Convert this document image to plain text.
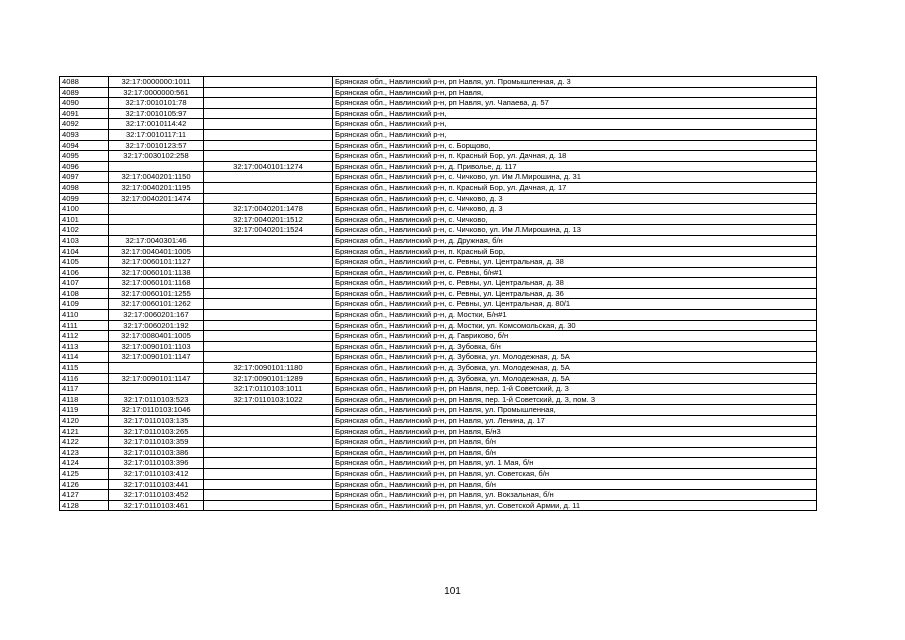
4088	32:17:0000000:1011		Брянская обл., Навлинский р-н, рп Навля, ул. Промышленная, д. 3
4089	32:17:0000000:561		Брянская обл., Навлинский р-н, рп Навля,
4090	32:17:0010101:78		Брянская обл., Навлинский р-н, рп Навля, ул. Чапаева, д. 57
4091	32:17:0010105:97		Брянская обл., Навлинский р-н,
4092	32:17:0010114:42		Брянская обл., Навлинский р-н,
4093	32:17:0010117:11		Брянская обл., Навлинский р-н,
4094	32:17:0010123:57		Брянская обл., Навлинский р-н, с. Борщово,
4095	32:17:0030102:258		Брянская обл., Навлинский р-н, п. Красный Бор, ул. Дачная, д. 18
4096		32:17:0040101:1274	Брянская обл., Навлинский р-н, д. Приволье, д. 117
4097	32:17:0040201:1150		Брянская обл., Навлинский р-н, с. Чичково, ул. Им Л.Мирошина, д. 31
4098	32:17:0040201:1195		Брянская обл., Навлинский р-н, п. Красный Бор, ул. Дачная, д. 17
4099	32:17:0040201:1474		Брянская обл., Навлинский р-н, с. Чичково, д. 3
4100		32:17:0040201:1478	Брянская обл., Навлинский р-н, с. Чичково, д. 3
4101		32:17:0040201:1512	Брянская обл., Навлинский р-н, с. Чичково,
4102		32:17:0040201:1524	Брянская обл., Навлинский р-н, с. Чичково, ул. Им Л.Мирошина, д. 13
4103	32:17:0040301:46		Брянская обл., Навлинский р-н, д. Дружная, б/н
4104	32:17:0040401:1005		Брянская обл., Навлинский р-н, п. Красный Бор,
4105	32:17:0060101:1127		Брянская обл., Навлинский р-н, с. Ревны, ул. Центральная, д. 38
4106	32:17:0060101:1138		Брянская обл., Навлинский р-н, с. Ревны, б/н#1
4107	32:17:0060101:1168		Брянская обл., Навлинский р-н, с. Ревны, ул. Центральная, д. 38
4108	32:17:0060101:1255		Брянская обл., Навлинский р-н, с. Ревны, ул. Центральная, д. 36
4109	32:17:0060101:1262		Брянская обл., Навлинский р-н, с. Ревны, ул. Центральная, д. 80/1
4110	32:17:0060201:167		Брянская обл., Навлинский р-н, д. Мостки, Б/н#1
4111	32:17:0060201:192		Брянская обл., Навлинский р-н, д. Мостки, ул. Комсомольская, д. 30
4112	32:17:0080401:1005		Брянская обл., Навлинский р-н, д. Гавриково, б/н
4113	32:17:0090101:1103		Брянская обл., Навлинский р-н, д. Зубовка, б/н
4114	32:17:0090101:1147		Брянская обл., Навлинский р-н, д. Зубовка, ул. Молодежная, д. 5А
4115		32:17:0090101:1180	Брянская обл., Навлинский р-н, д. Зубовка, ул. Молодежная, д. 5А
4116	32:17:0090101:1147	32:17:0090101:1289	Брянская обл., Навлинский р-н, д. Зубовка, ул. Молодежная, д. 5А
4117		32:17:0110103:1011	Брянская обл., Навлинский р-н, рп Навля, пер. 1-й Советский, д. 3
4118	32:17:0110103:523	32:17:0110103:1022	Брянская обл., Навлинский р-н, рп Навля, пер. 1-й Советский, д. 3, пом. 3
4119	32:17:0110103:1046		Брянская обл., Навлинский р-н, рп Навля, ул. Промышленная,
4120	32:17:0110103:135		Брянская обл., Навлинский р-н, рп Навля, ул. Ленина, д. 17
4121	32:17:0110103:265		Брянская обл., Навлинский р-н, рп Навля, Б/н3
4122	32:17:0110103:359		Брянская обл., Навлинский р-н, рп Навля, б/н
4123	32:17:0110103:386		Брянская обл., Навлинский р-н, рп Навля, б/н
4124	32:17:0110103:396		Брянская обл., Навлинский р-н, рп Навля, ул. 1 Мая, б/н
4125	32:17:0110103:412		Брянская обл., Навлинский р-н, рп Навля, ул. Советская, б/н
4126	32:17:0110103:441		Брянская обл., Навлинский р-н, рп Навля, б/н
4127	32:17:0110103:452		Брянская обл., Навлинский р-н, рп Навля, ул. Вокзальная, б/н
4128	32:17:0110103:461		Брянская обл., Навлинский р-н, рп Навля, ул. Советской Армии, д. 11
101
